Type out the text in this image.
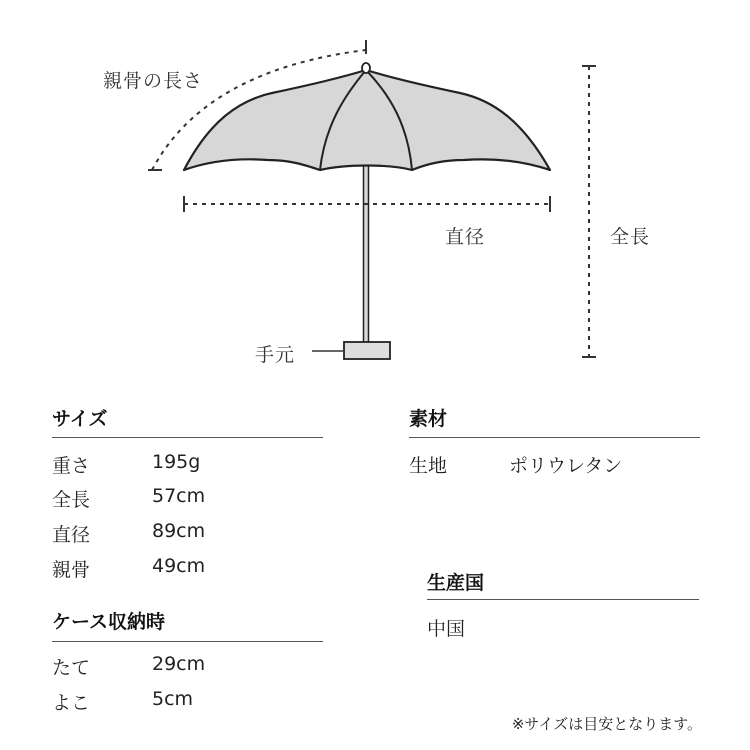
親骨の長さ
直径	全長
手元
サイズ
重さ	195g
全長	57cm
直径	89cm
親骨	49cm
ケース収納時
たて	29cm
よこ	5cm
素材
生地	ポリウレタン
生産国
中国
※サイズは目安となります。
